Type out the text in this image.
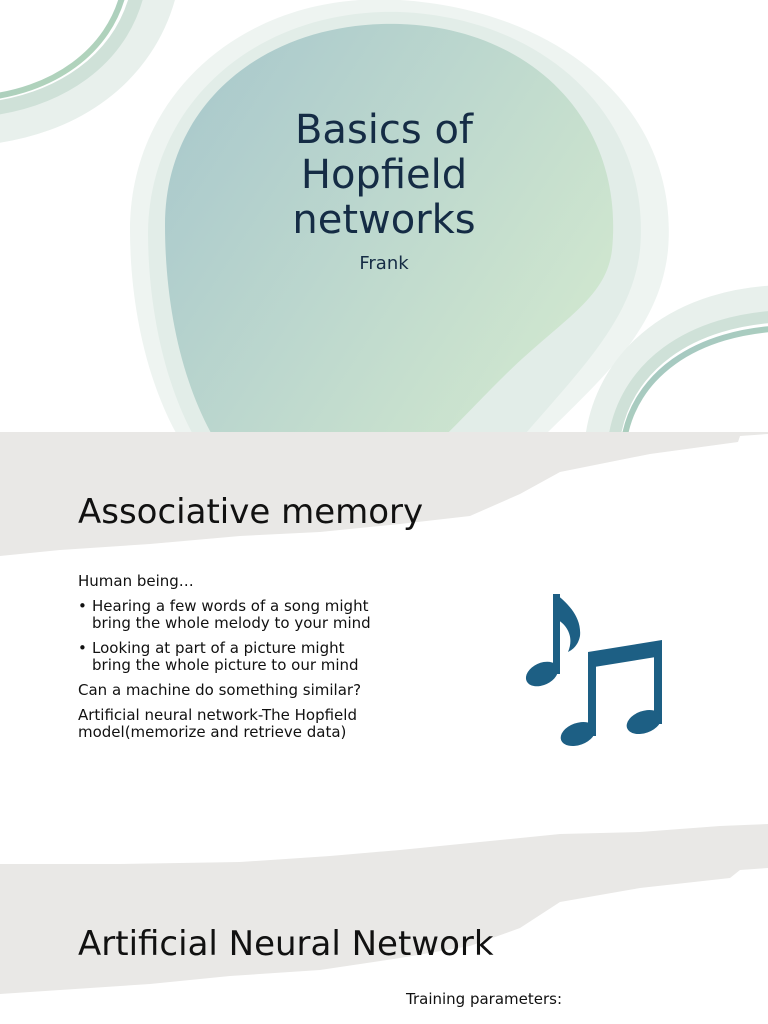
Basics of
Hopfield
networks
Frank
Associative memory

Human being…

• Hearing a few words of a song might bring the whole melody to your mind
• Looking at part of a picture might bring the whole picture to our mind

Can a machine do something similar?

Artificial neural network-The Hopfield model(memorize and retrieve data)

Artificial Neural Network
Training parameters:
